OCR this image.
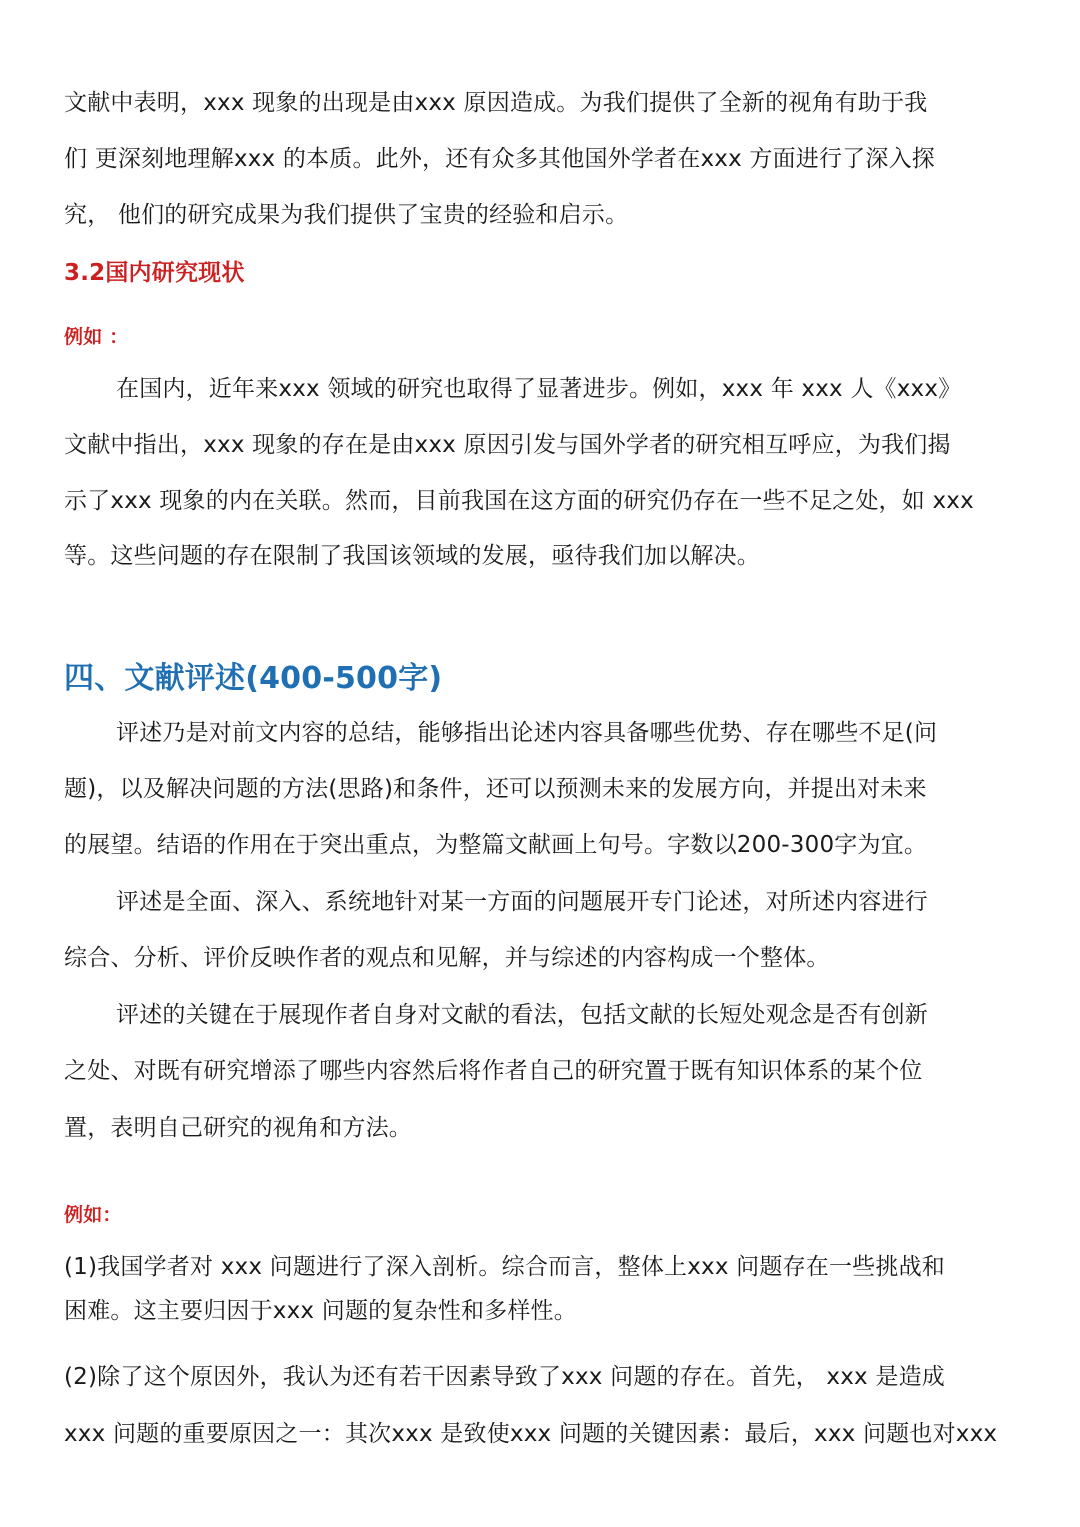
文献中表明，xxx 现象的出现是由xxx 原因造成。为我们提供了全新的视角有助于我
们 更深刻地理解xxx 的本质。此外，还有众多其他国外学者在xxx 方面进行了深入探
究， 他们的研究成果为我们提供了宝贵的经验和启示。
3.2国内研究现状
例如 ：
在国内，近年来xxx 领域的研究也取得了显著进步。例如，xxx 年 xxx 人《xxx》
文献中指出，xxx 现象的存在是由xxx 原因引发与国外学者的研究相互呼应，为我们揭
示了xxx 现象的内在关联。然而，目前我国在这方面的研究仍存在一些不足之处，如 xxx
等。这些问题的存在限制了我国该领域的发展，亟待我们加以解决。
四、文献评述(400-500字)
评述乃是对前文内容的总结，能够指出论述内容具备哪些优势、存在哪些不足(问
题)，以及解决问题的方法(思路)和条件，还可以预测未来的发展方向，并提出对未来
的展望。结语的作用在于突出重点，为整篇文献画上句号。字数以200-300字为宜。
评述是全面、深入、系统地针对某一方面的问题展开专门论述，对所述内容进行
综合、分析、评价反映作者的观点和见解，并与综述的内容构成一个整体。
评述的关键在于展现作者自身对文献的看法，包括文献的长短处观念是否有创新
之处、对既有研究增添了哪些内容然后将作者自己的研究置于既有知识体系的某个位
置，表明自己研究的视角和方法。
例如：
(1)我国学者对 xxx 问题进行了深入剖析。综合而言，整体上xxx 问题存在一些挑战和
困难。这主要归因于xxx 问题的复杂性和多样性。
(2)除了这个原因外，我认为还有若干因素导致了xxx 问题的存在。首先， xxx 是造成
xxx 问题的重要原因之一：其次xxx 是致使xxx 问题的关键因素：最后，xxx 问题也对xxx
